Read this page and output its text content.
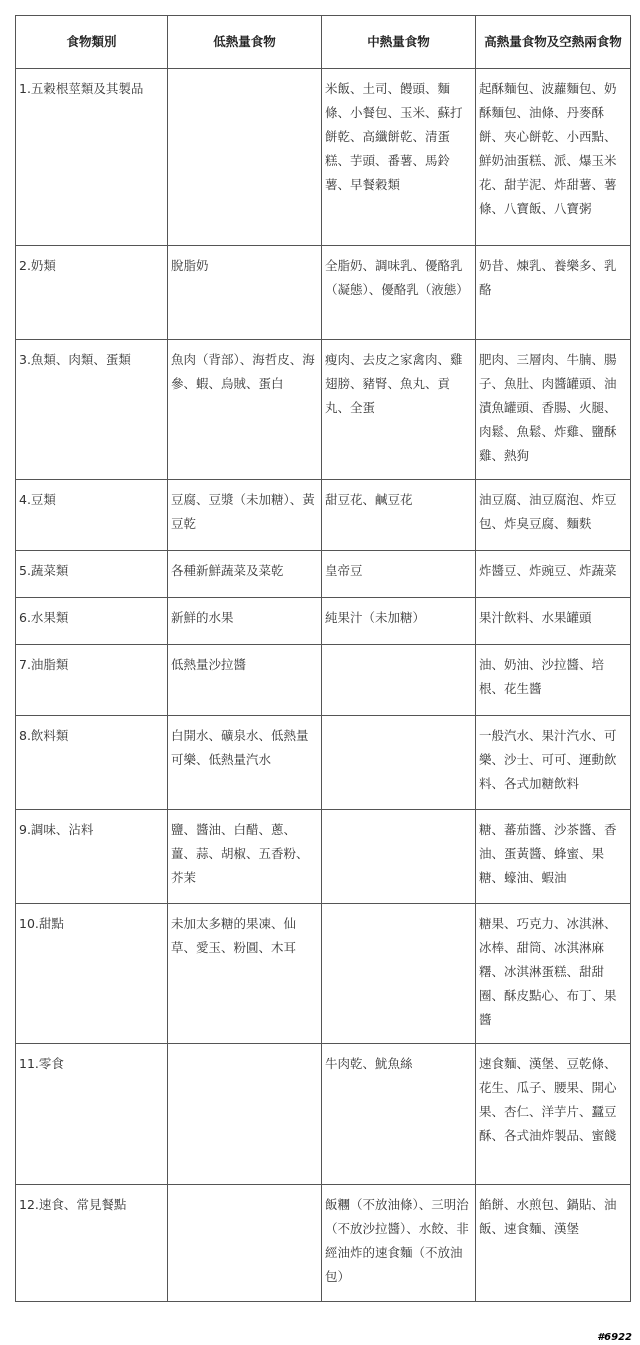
食物類別	低熱量食物	中熱量食物	高熱量食物及空熱兩食物
1.五穀根莖類及其製品		米飯、土司、饅頭、麵條、小餐包、玉米、蘇打餅乾、高纖餅乾、清蛋糕、芋頭、番薯、馬鈴薯、早餐穀類	起酥麵包、波蘿麵包、奶酥麵包、油條、丹麥酥餅、夾心餅乾、小西點、鮮奶油蛋糕、派、爆玉米花、甜芋泥、炸甜薯、薯條、八寶飯、八寶粥
2.奶類	脫脂奶	全脂奶、調味乳、優酪乳（凝態）、優酪乳（液態）	奶昔、煉乳、養樂多、乳酪
3.魚類、肉類、蛋類	魚肉（背部）、海哲皮、海參、蝦、烏賊、蛋白	瘦肉、去皮之家禽肉、雞翅膀、豬腎、魚丸、貢丸、全蛋	肥肉、三層肉、牛腩、腸子、魚肚、肉醬罐頭、油漬魚罐頭、香腸、火腿、肉鬆、魚鬆、炸雞、鹽酥雞、熱狗
4.豆類	豆腐、豆漿（未加糖）、黃豆乾	甜豆花、鹹豆花	油豆腐、油豆腐泡、炸豆包、炸臭豆腐、麵麩
5.蔬菜類	各種新鮮蔬菜及菜乾	皇帝豆	炸醬豆、炸豌豆、炸蔬菜
6.水果類	新鮮的水果	純果汁（未加糖）	果汁飲料、水果罐頭
7.油脂類	低熱量沙拉醬		油、奶油、沙拉醬、培根、花生醬
8.飲料類	白開水、礦泉水、低熱量可樂、低熱量汽水		一般汽水、果汁汽水、可樂、沙士、可可、運動飲料、各式加糖飲料
9.調味、沾料	鹽、醬油、白醋、蔥、薑、蒜、胡椒、五香粉、芥茉		糖、蕃茄醬、沙茶醬、香油、蛋黃醬、蜂蜜、果糖、蠔油、蝦油
10.甜點	未加太多糖的果凍、仙草、愛玉、粉圓、木耳		糖果、巧克力、冰淇淋、冰棒、甜筒、冰淇淋麻糬、冰淇淋蛋糕、甜甜圈、酥皮點心、布丁、果醬
11.零食		牛肉乾、魷魚絲	速食麵、漢堡、豆乾條、花生、瓜子、腰果、開心果、杏仁、洋芋片、蠶豆酥、各式油炸製品、蜜餞
12.速食、常見餐點		飯糰（不放油條）、三明治（不放沙拉醬）、水餃、非經油炸的速食麵（不放油包）	餡餅、水煎包、鍋貼、油飯、速食麵、漢堡
#6922
